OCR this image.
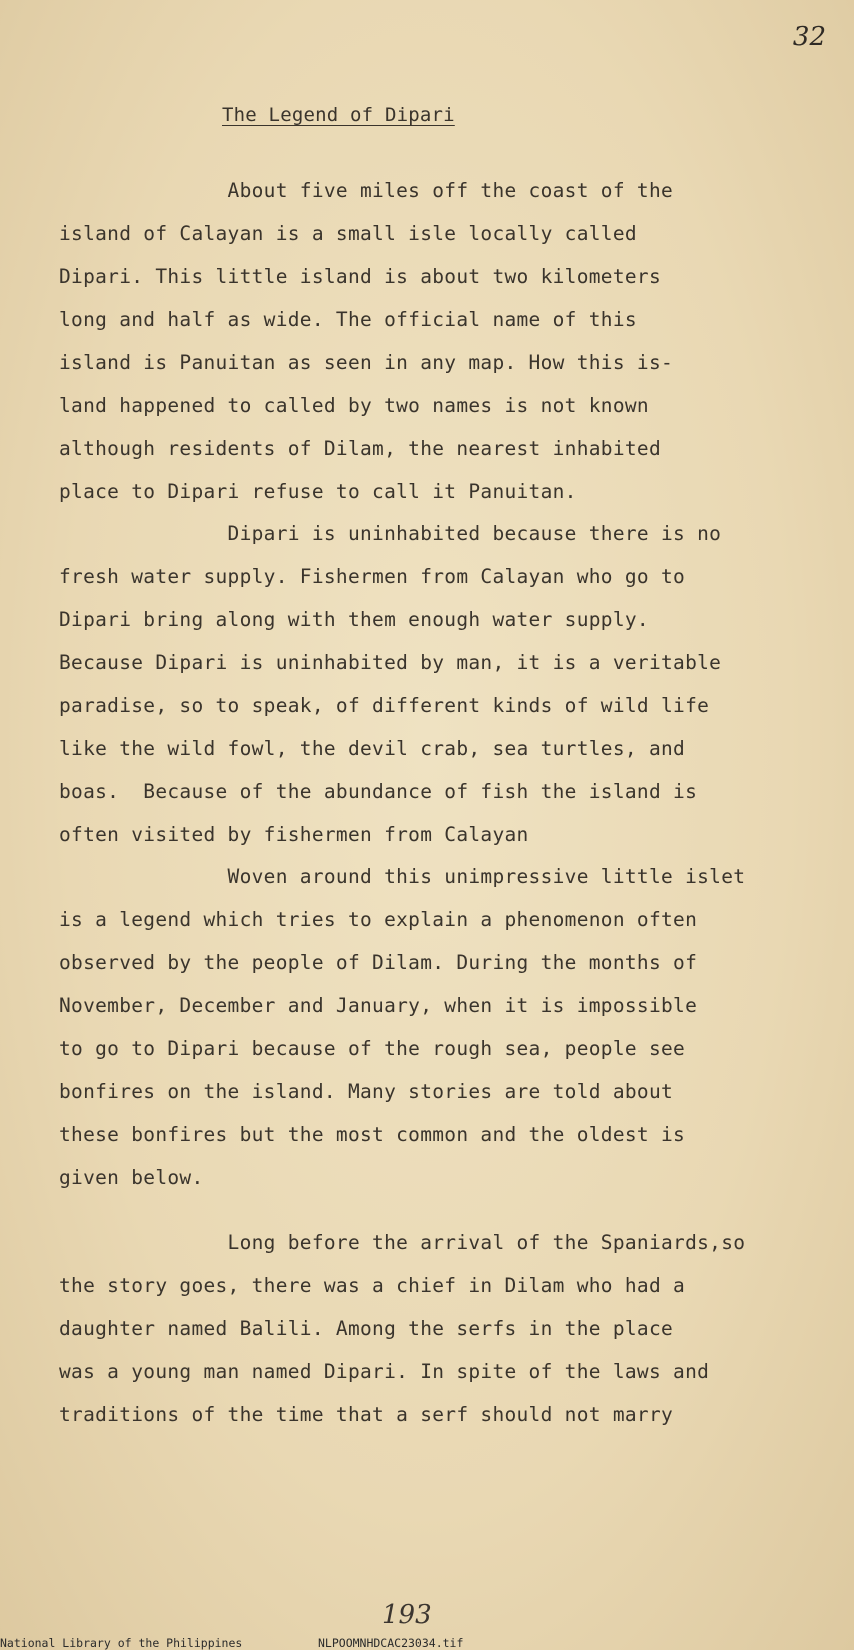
32
The Legend of Dipari
About five miles off the coast of the
island of Calayan is a small isle locally called
Dipari. This little island is about two kilometers
long and half as wide. The official name of this
island is Panuitan as seen in any map. How this is-
land happened to called by two names is not known
although residents of Dilam, the nearest inhabited
place to Dipari refuse to call it Panuitan.
Dipari is uninhabited because there is no
fresh water supply. Fishermen from Calayan who go to
Dipari bring along with them enough water supply.
Because Dipari is uninhabited by man, it is a veritable
paradise, so to speak, of different kinds of wild life
like the wild fowl, the devil crab, sea turtles, and
boas.  Because of the abundance of fish the island is
often visited by fishermen from Calayan
Woven around this unimpressive little islet
is a legend which tries to explain a phenomenon often
observed by the people of Dilam. During the months of
November, December and January, when it is impossible
to go to Dipari because of the rough sea, people see
bonfires on the island. Many stories are told about
these bonfires but the most common and the oldest is
given below.
Long before the arrival of the Spaniards,so
the story goes, there was a chief in Dilam who had a
daughter named Balili. Among the serfs in the place
was a young man named Dipari. In spite of the laws and
traditions of the time that a serf should not marry
193
National Library of the Philippines	NLPOOMNHDCAC23034.tif
